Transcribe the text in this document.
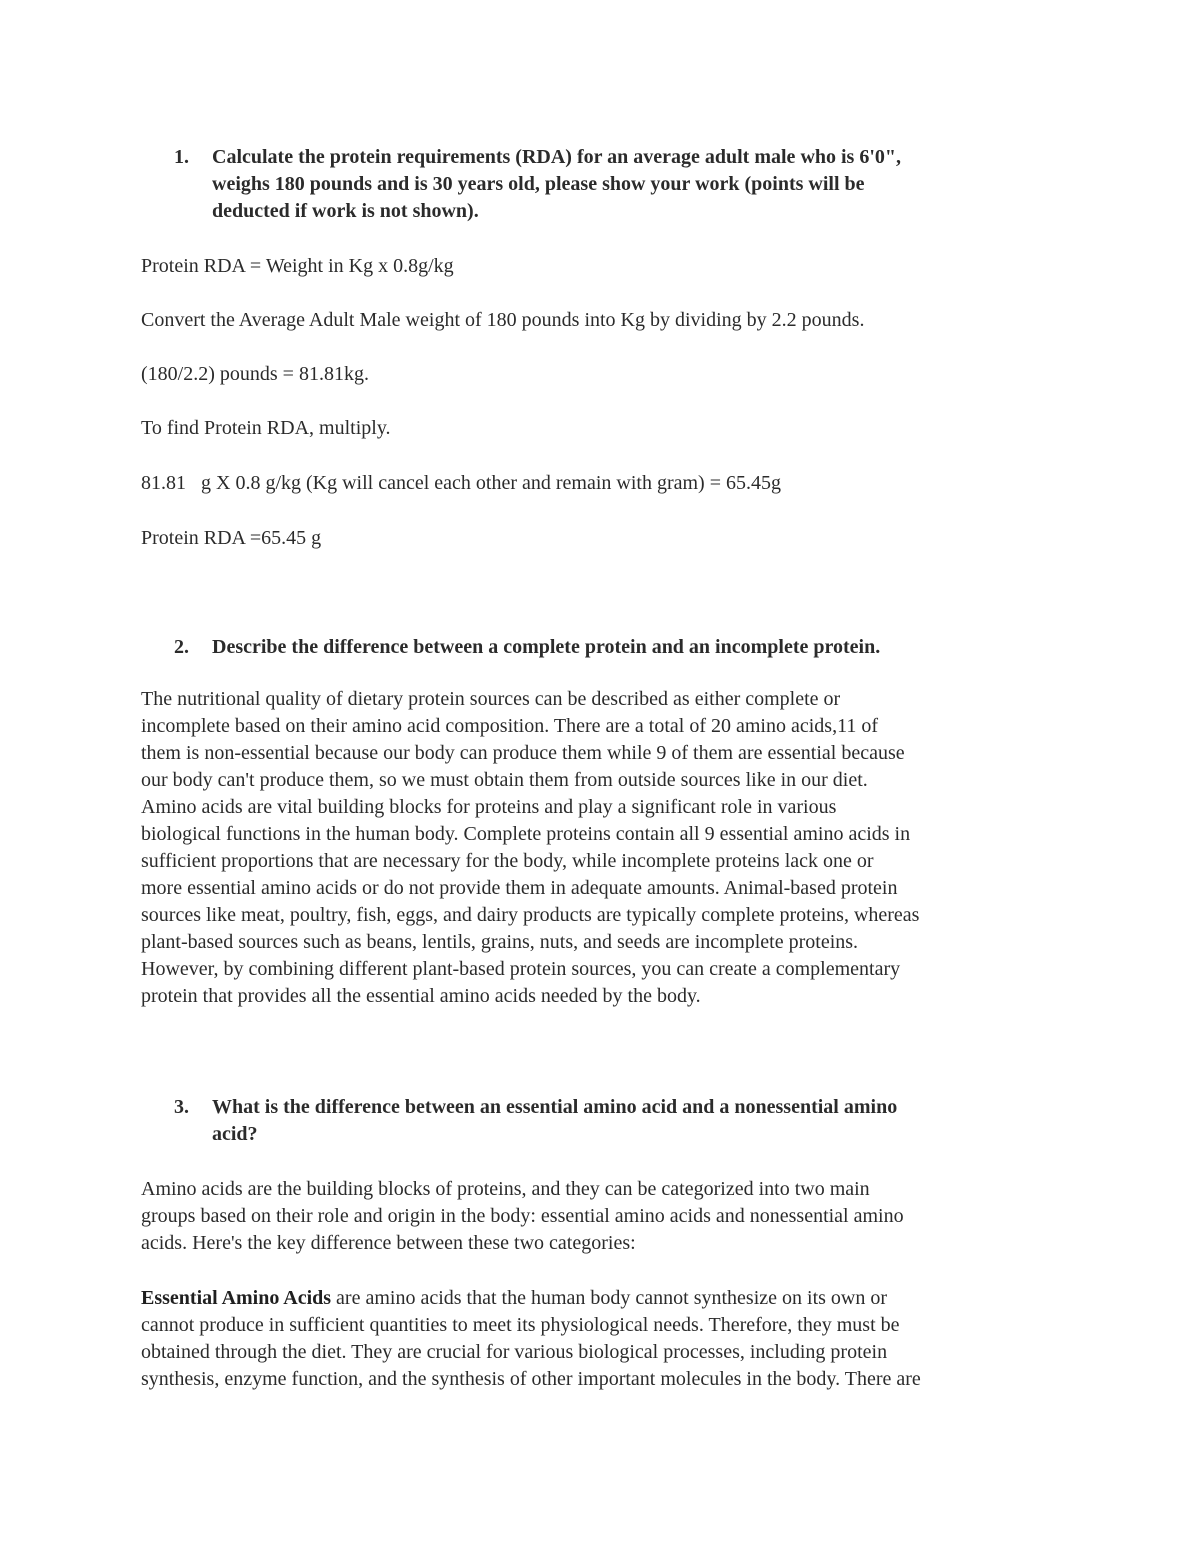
1. Calculate the protein requirements (RDA) for an average adult male who is 6'0",
weighs 180 pounds and is 30 years old, please show your work (points will be
deducted if work is not shown).
Protein RDA = Weight in Kg x 0.8g/kg
Convert the Average Adult Male weight of 180 pounds into Kg by dividing by 2.2 pounds.
(180/2.2) pounds = 81.81kg.
To find Protein RDA, multiply.
81.81   g X 0.8 g/kg (Kg will cancel each other and remain with gram) = 65.45g
Protein RDA =65.45 g
2. Describe the difference between a complete protein and an incomplete protein.
The nutritional quality of dietary protein sources can be described as either complete or
incomplete based on their amino acid composition. There are a total of 20 amino acids,11 of
them is non-essential because our body can produce them while 9 of them are essential because
our body can't produce them, so we must obtain them from outside sources like in our diet.
Amino acids are vital building blocks for proteins and play a significant role in various
biological functions in the human body. Complete proteins contain all 9 essential amino acids in
sufficient proportions that are necessary for the body, while incomplete proteins lack one or
more essential amino acids or do not provide them in adequate amounts. Animal-based protein
sources like meat, poultry, fish, eggs, and dairy products are typically complete proteins, whereas
plant-based sources such as beans, lentils, grains, nuts, and seeds are incomplete proteins.
However, by combining different plant-based protein sources, you can create a complementary
protein that provides all the essential amino acids needed by the body.
3. What is the difference between an essential amino acid and a nonessential amino
acid?
Amino acids are the building blocks of proteins, and they can be categorized into two main
groups based on their role and origin in the body: essential amino acids and nonessential amino
acids. Here's the key difference between these two categories:
Essential Amino Acids are amino acids that the human body cannot synthesize on its own or
cannot produce in sufficient quantities to meet its physiological needs. Therefore, they must be
obtained through the diet. They are crucial for various biological processes, including protein
synthesis, enzyme function, and the synthesis of other important molecules in the body. There are
